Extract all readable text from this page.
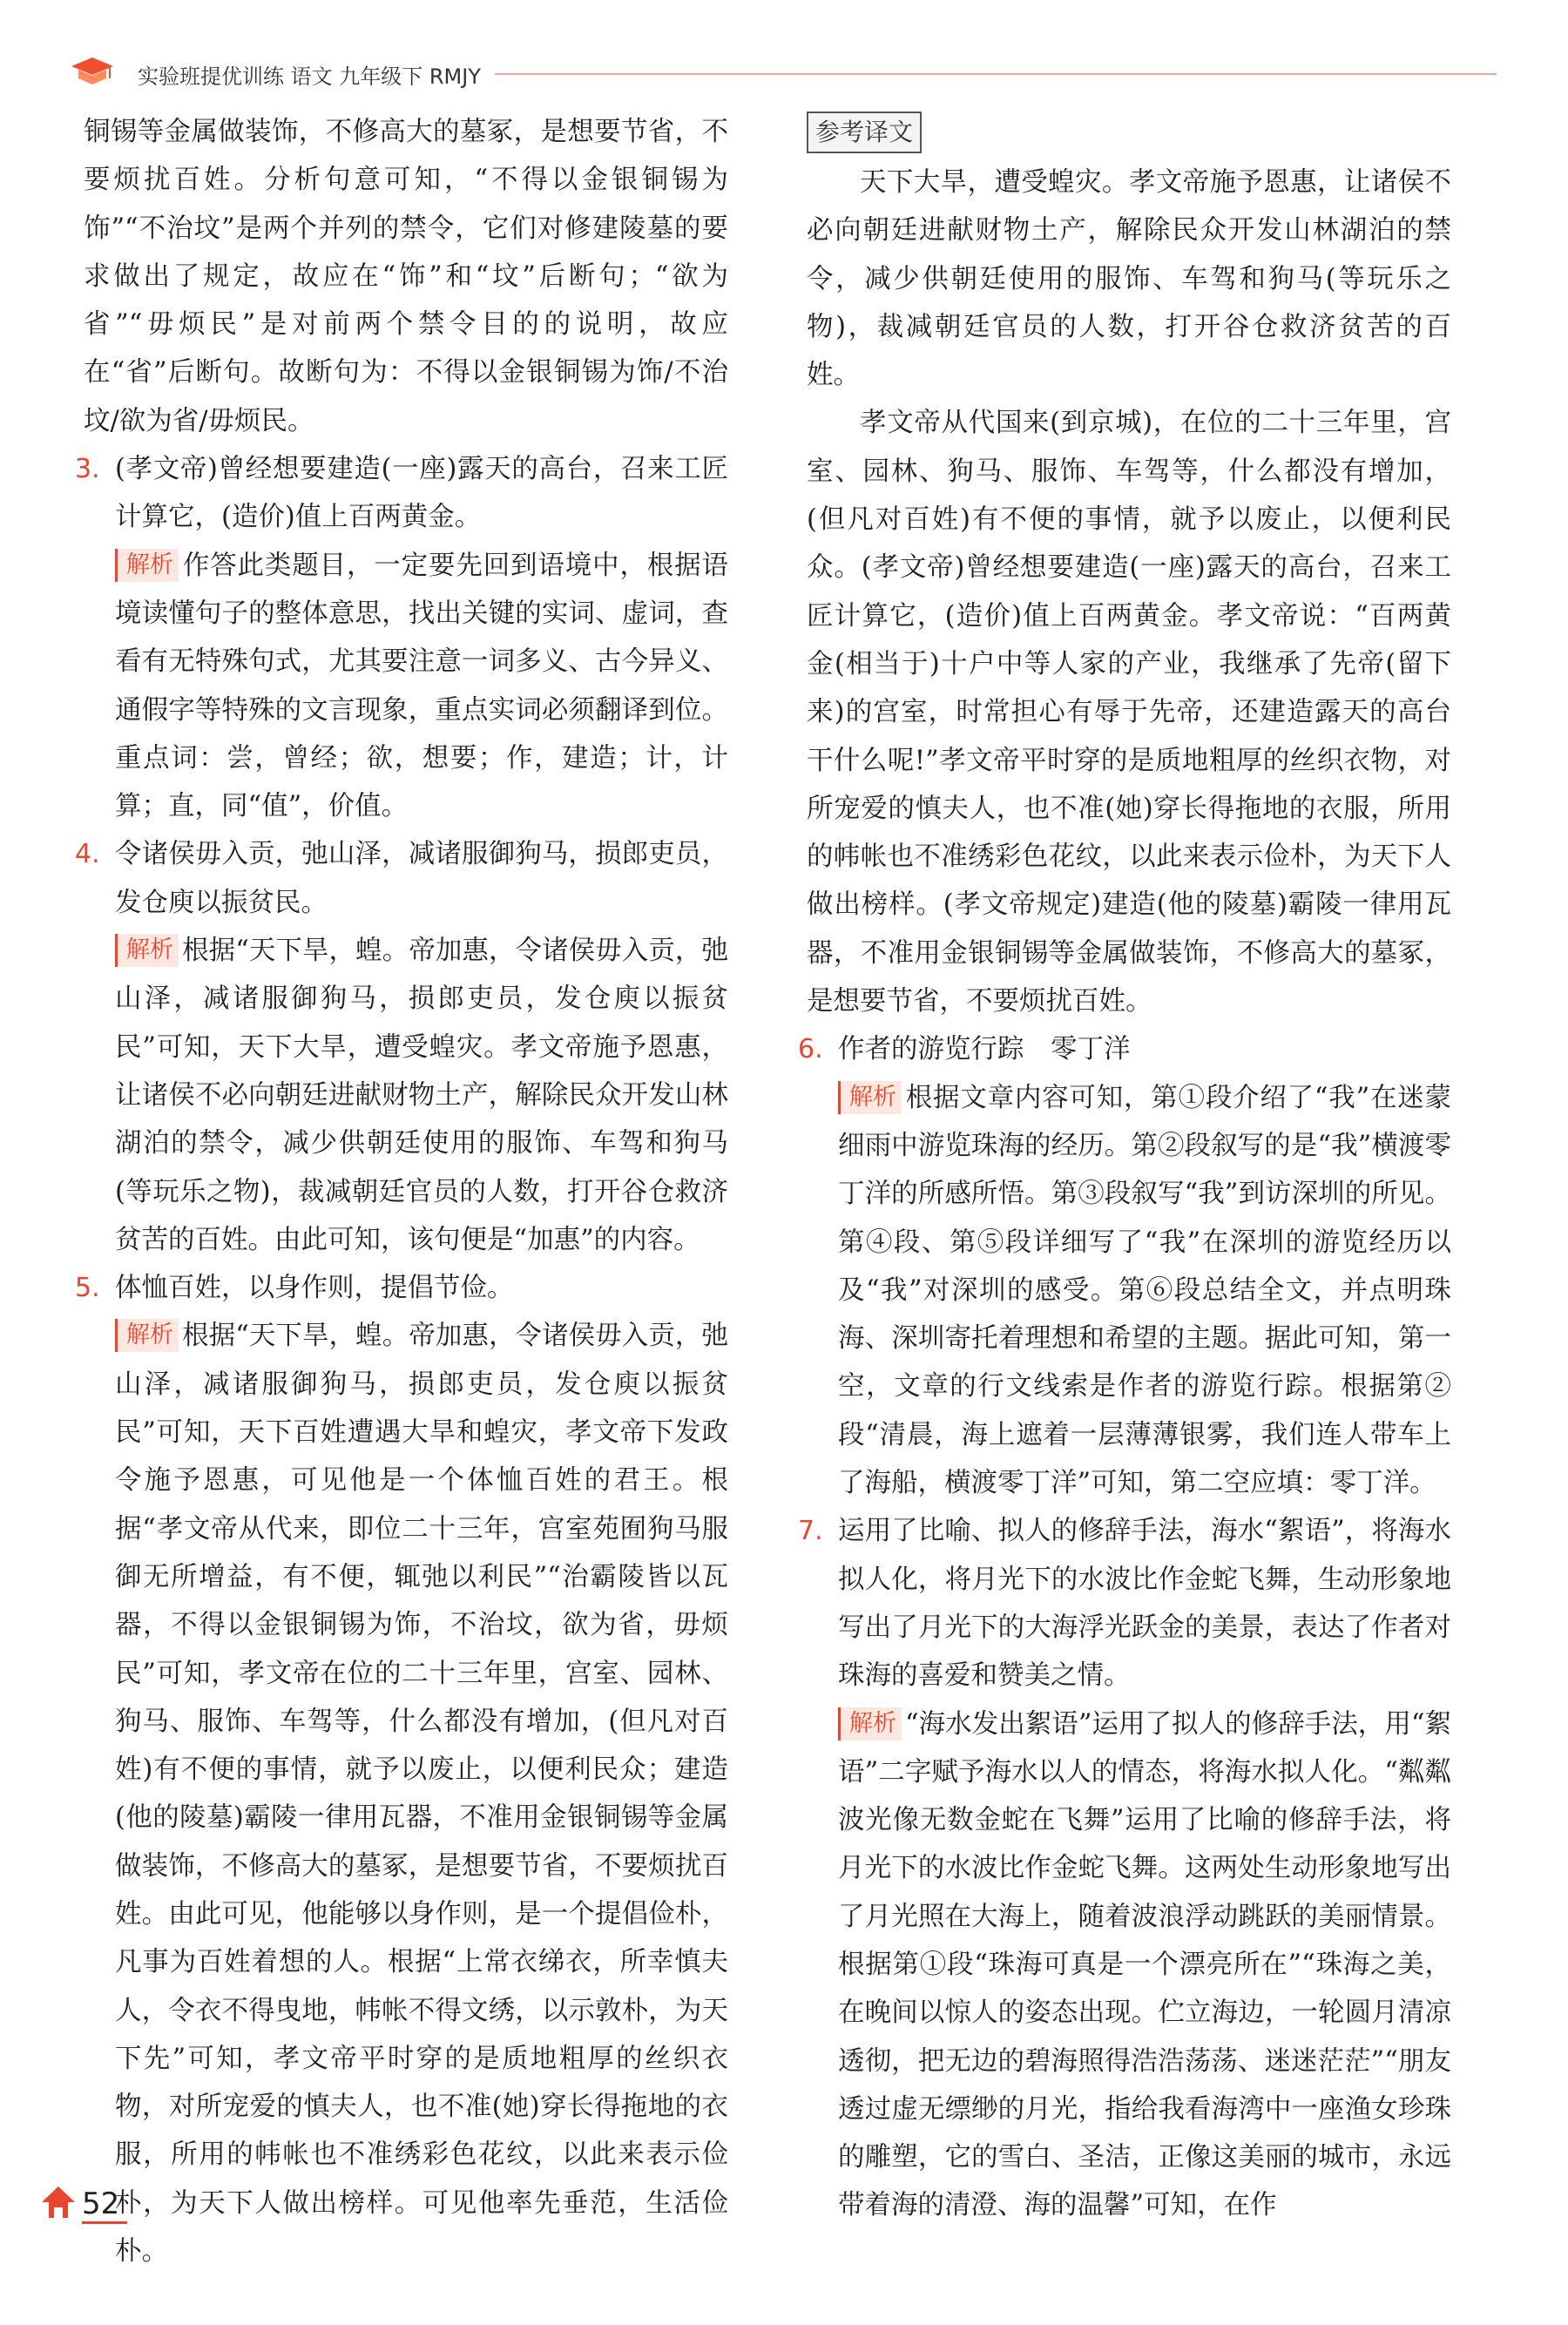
实验班提优训练 语文 九年级下 RMJY

铜锡等金属做装饰，不修高大的墓冢，是想要节省，不要烦扰百姓。分析句意可知，“不得以金银铜锡为饰”“不治坟”是两个并列的禁令，它们对修建陵墓的要求做出了规定，故应在“饰”和“坟”后断句；“欲为省”“毋烦民”是对前两个禁令目的的说明，故应在“省”后断句。故断句为：不得以金银铜锡为饰/不治坟/欲为省/毋烦民。

3. (孝文帝)曾经想要建造(一座)露天的高台，召来工匠计算它，(造价)值上百两黄金。

解析 作答此类题目，一定要先回到语境中，根据语境读懂句子的整体意思，找出关键的实词、虚词，查看有无特殊句式，尤其要注意一词多义、古今异义、通假字等特殊的文言现象，重点实词必须翻译到位。重点词：尝，曾经；欲，想要；作，建造；计，计算；直，同“值”，价值。

4. 令诸侯毋入贡，弛山泽，减诸服御狗马，损郎吏员，发仓庾以振贫民。

解析 根据“天下旱，蝗。帝加惠，令诸侯毋入贡，弛山泽，减诸服御狗马，损郎吏员，发仓庾以振贫民”可知，天下大旱，遭受蝗灾。孝文帝施予恩惠，让诸侯不必向朝廷进献财物土产，解除民众开发山林湖泊的禁令，减少供朝廷使用的服饰、车驾和狗马(等玩乐之物)，裁减朝廷官员的人数，打开谷仓救济贫苦的百姓。由此可知，该句便是“加惠”的内容。

5. 体恤百姓，以身作则，提倡节俭。

解析 根据“天下旱，蝗。帝加惠，令诸侯毋入贡，弛山泽，减诸服御狗马，损郎吏员，发仓庾以振贫民”可知，天下百姓遭遇大旱和蝗灾，孝文帝下发政令施予恩惠，可见他是一个体恤百姓的君王。根据“孝文帝从代来，即位二十三年，宫室苑囿狗马服御无所增益，有不便，辄弛以利民”“治霸陵皆以瓦器，不得以金银铜锡为饰，不治坟，欲为省，毋烦民”可知，孝文帝在位的二十三年里，宫室、园林、狗马、服饰、车驾等，什么都没有增加，(但凡对百姓)有不便的事情，就予以废止，以便利民众；建造(他的陵墓)霸陵一律用瓦器，不准用金银铜锡等金属做装饰，不修高大的墓冢，是想要节省，不要烦扰百姓。由此可见，他能够以身作则，是一个提倡俭朴，凡事为百姓着想的人。根据“上常衣绨衣，所幸慎夫人，令衣不得曳地，帏帐不得文绣，以示敦朴，为天下先”可知，孝文帝平时穿的是质地粗厚的丝织衣物，对所宠爱的慎夫人，也不准(她)穿长得拖地的衣服，所用的帏帐也不准绣彩色花纹，以此来表示俭朴，为天下人做出榜样。可见他率先垂范，生活俭朴。

参考译文

天下大旱，遭受蝗灾。孝文帝施予恩惠，让诸侯不必向朝廷进献财物土产，解除民众开发山林湖泊的禁令，减少供朝廷使用的服饰、车驾和狗马(等玩乐之物)，裁减朝廷官员的人数，打开谷仓救济贫苦的百姓。

孝文帝从代国来(到京城)，在位的二十三年里，宫室、园林、狗马、服饰、车驾等，什么都没有增加，(但凡对百姓)有不便的事情，就予以废止，以便利民众。(孝文帝)曾经想要建造(一座)露天的高台，召来工匠计算它，(造价)值上百两黄金。孝文帝说：“百两黄金(相当于)十户中等人家的产业，我继承了先帝(留下来)的宫室，时常担心有辱于先帝，还建造露天的高台干什么呢!”孝文帝平时穿的是质地粗厚的丝织衣物，对所宠爱的慎夫人，也不准(她)穿长得拖地的衣服，所用的帏帐也不准绣彩色花纹，以此来表示俭朴，为天下人做出榜样。(孝文帝规定)建造(他的陵墓)霸陵一律用瓦器，不准用金银铜锡等金属做装饰，不修高大的墓冢，是想要节省，不要烦扰百姓。

6. 作者的游览行踪　零丁洋

解析 根据文章内容可知，第①段介绍了“我”在迷蒙细雨中游览珠海的经历。第②段叙写的是“我”横渡零丁洋的所感所悟。第③段叙写“我”到访深圳的所见。第④段、第⑤段详细写了“我”在深圳的游览经历以及“我”对深圳的感受。第⑥段总结全文，并点明珠海、深圳寄托着理想和希望的主题。据此可知，第一空，文章的行文线索是作者的游览行踪。根据第②段“清晨，海上遮着一层薄薄银雾，我们连人带车上了海船，横渡零丁洋”可知，第二空应填：零丁洋。

7. 运用了比喻、拟人的修辞手法，海水“絮语”，将海水拟人化，将月光下的水波比作金蛇飞舞，生动形象地写出了月光下的大海浮光跃金的美景，表达了作者对珠海的喜爱和赞美之情。

解析 “海水发出絮语”运用了拟人的修辞手法，用“絮语”二字赋予海水以人的情态，将海水拟人化。“粼粼波光像无数金蛇在飞舞”运用了比喻的修辞手法，将月光下的水波比作金蛇飞舞。这两处生动形象地写出了月光照在大海上，随着波浪浮动跳跃的美丽情景。根据第①段“珠海可真是一个漂亮所在”“珠海之美，在晚间以惊人的姿态出现。伫立海边，一轮圆月清凉透彻，把无边的碧海照得浩浩荡荡、迷迷茫茫”“朋友透过虚无缥缈的月光，指给我看海湾中一座渔女珍珠的雕塑，它的雪白、圣洁，正像这美丽的城市，永远带着海的清澄、海的温馨”可知，在作

52
